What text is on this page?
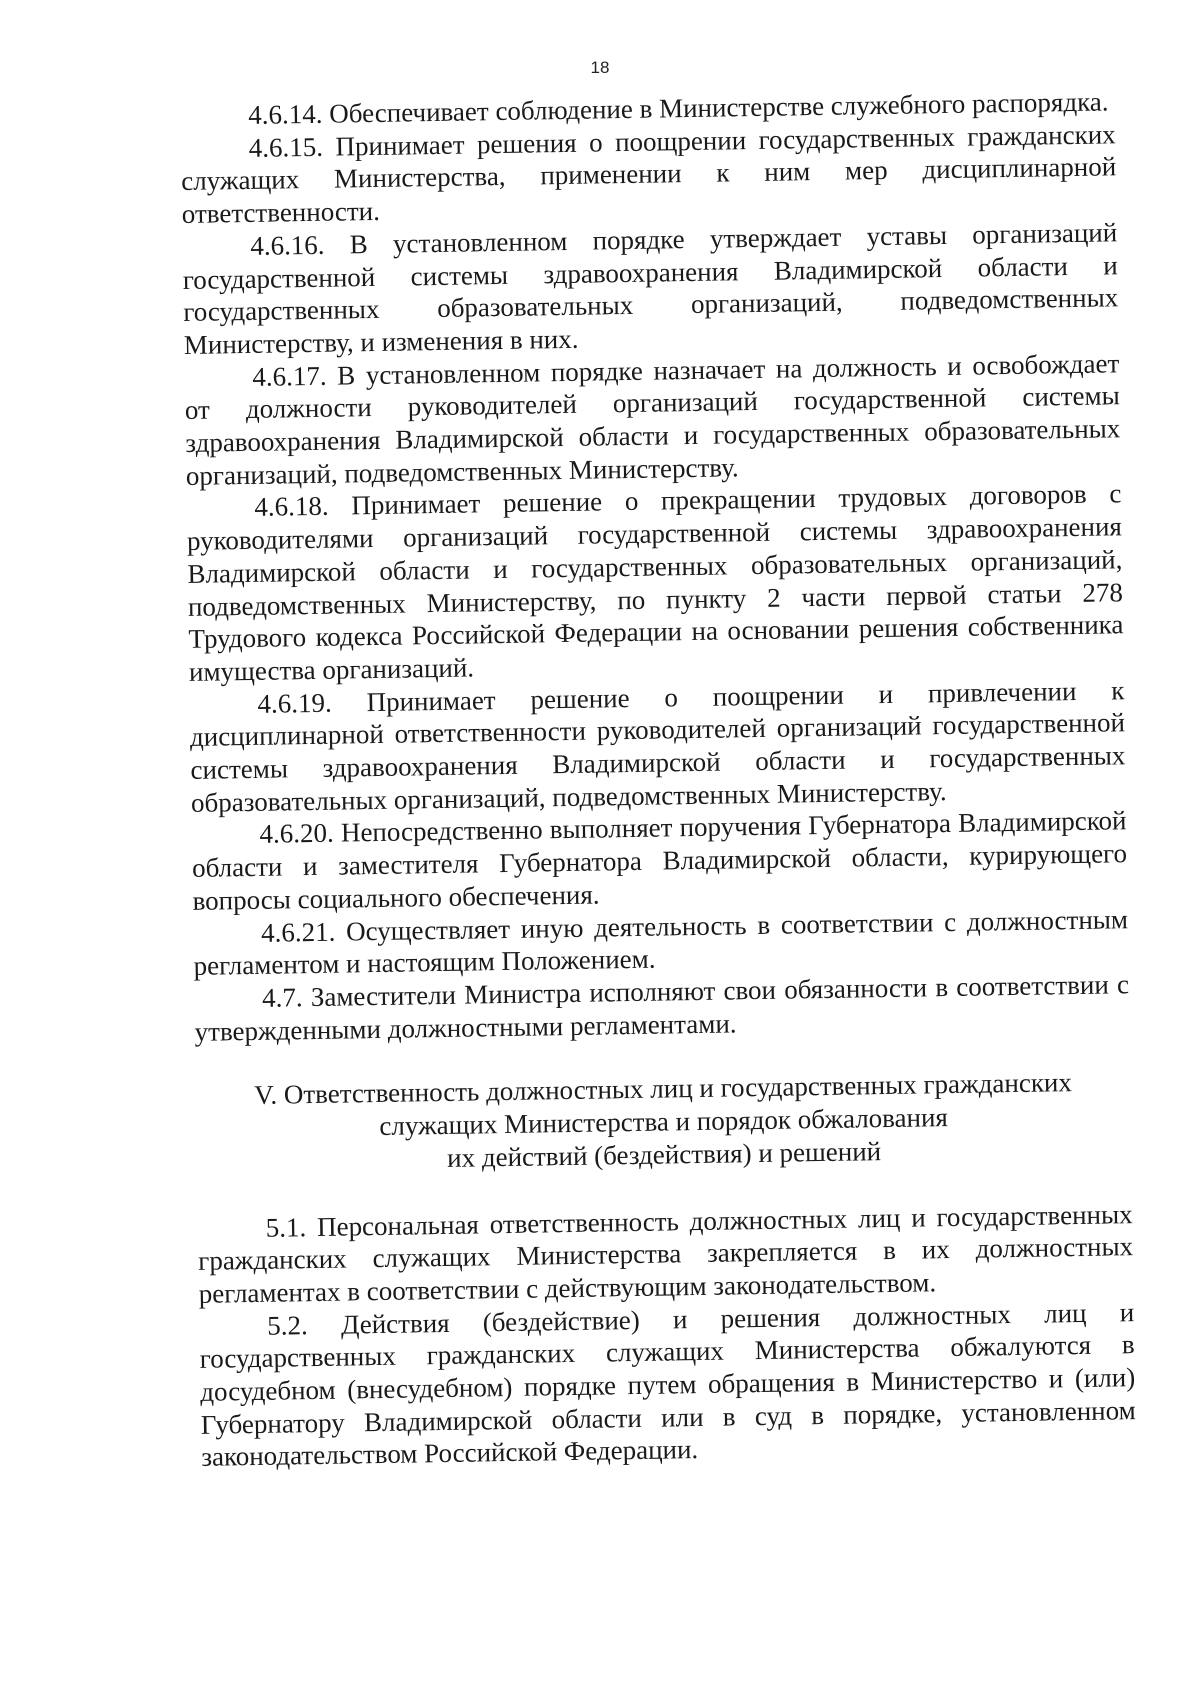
18

4.6.14. Обеспечивает соблюдение в Министерстве служебного распорядка.

4.6.15. Принимает решения о поощрении государственных гражданских служащих Министерства, применении к ним мер дисциплинарной ответственности.

4.6.16. В установленном порядке утверждает уставы организаций государственной системы здравоохранения Владимирской области и государственных образовательных организаций, подведомственных Министерству, и изменения в них.

4.6.17. В установленном порядке назначает на должность и освобождает от должности руководителей организаций государственной системы здравоохранения Владимирской области и государственных образовательных организаций, подведомственных Министерству.

4.6.18. Принимает решение о прекращении трудовых договоров с руководителями организаций государственной системы здравоохранения Владимирской области и государственных образовательных организаций, подведомственных Министерству, по пункту 2 части первой статьи 278 Трудового кодекса Российской Федерации на основании решения собственника имущества организаций.

4.6.19. Принимает решение о поощрении и привлечении к дисциплинарной ответственности руководителей организаций государственной системы здравоохранения Владимирской области и государственных образовательных организаций, подведомственных Министерству.

4.6.20. Непосредственно выполняет поручения Губернатора Владимирской области и заместителя Губернатора Владимирской области, курирующего вопросы социального обеспечения.

4.6.21. Осуществляет иную деятельность в соответствии с должностным регламентом и настоящим Положением.

4.7. Заместители Министра исполняют свои обязанности в соответствии с утвержденными должностными регламентами.

V. Ответственность должностных лиц и государственных гражданских
служащих Министерства и порядок обжалования
их действий (бездействия) и решений

5.1. Персональная ответственность должностных лиц и государственных гражданских служащих Министерства закрепляется в их должностных регламентах в соответствии с действующим законодательством.

5.2. Действия (бездействие) и решения должностных лиц и государственных гражданских служащих Министерства обжалуются в досудебном (внесудебном) порядке путем обращения в Министерство и (или) Губернатору Владимирской области или в суд в порядке, установленном законодательством Российской Федерации.
